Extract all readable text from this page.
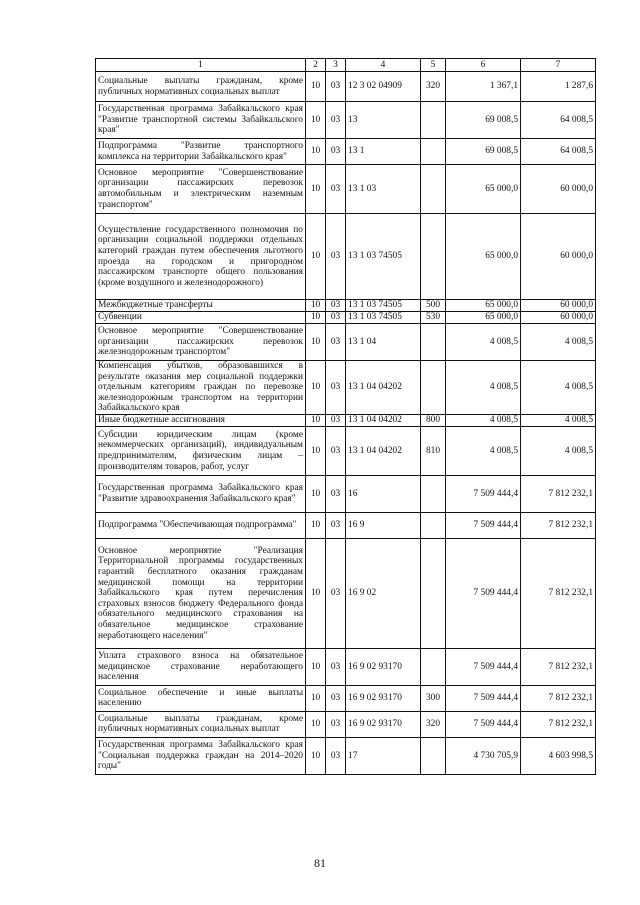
1	2	3	4	5	6	7
Социальные выплаты гражданам, кроме публичных нормативных социальных выплат	10	03	12 3 02 04909	320	1 367,1	1 287,6
Государственная программа Забайкальского края "Развитие транспортной системы Забайкальского края"	10	03	13		69 008,5	64 008,5
Подпрограмма "Развитие транспортного комплекса на территории Забайкальского края"	10	03	13 1		69 008,5	64 008,5
Основное мероприятие "Совершенствование организации пассажирских перевозок автомобильным и электрическим наземным транспортом"	10	03	13 1 03		65 000,0	60 000,0
Осуществление государственного полномочия по организации социальной поддержки отдельных категорий граждан путем обеспечения льготного проезда на городском и пригородном пассажирском транспорте общего пользования (кроме воздушного и железнодорожного)	10	03	13 1 03 74505		65 000,0	60 000,0
Межбюджетные трансферты	10	03	13 1 03 74505	500	65 000,0	60 000,0
Субвенции	10	03	13 1 03 74505	530	65 000,0	60 000,0
Основное мероприятие "Совершенствование организации пассажирских перевозок железнодорожным транспортом"	10	03	13 1 04		4 008,5	4 008,5
Компенсация убытков, образовавшихся в результате оказания мер социальной поддержки отдельным категориям граждан по перевозке железнодорожным транспортом на территории Забайкальского края	10	03	13 1 04 04202		4 008,5	4 008,5
Иные бюджетные ассигнования	10	03	13 1 04 04202	800	4 008,5	4 008,5
Субсидии юридическим лицам (кроме некоммерческих организаций), индивидуальным предпринимателям, физическим лицам – производителям товаров, работ, услуг	10	03	13 1 04 04202	810	4 008,5	4 008,5
Государственная программа Забайкальского края "Развитие здравоохранения Забайкальского края"	10	03	16		7 509 444,4	7 812 232,1
Подпрограмма "Обеспечивающая подпрограмма"	10	03	16 9		7 509 444,4	7 812 232,1
Основное мероприятие "Реализация Территориальной программы государственных гарантий бесплатного оказания гражданам медицинской помощи на территории Забайкальского края путем перечисления страховых взносов бюджету Федерального фонда обязательного медицинского страхования на обязательное медицинское страхование неработающего населения"	10	03	16 9 02		7 509 444,4	7 812 232,1
Уплата страхового взноса на обязательное медицинское страхование неработающего населения	10	03	16 9 02 93170		7 509 444,4	7 812 232,1
Социальное обеспечение и иные выплаты населению	10	03	16 9 02 93170	300	7 509 444,4	7 812 232,1
Социальные выплаты гражданам, кроме публичных нормативных социальных выплат	10	03	16 9 02 93170	320	7 509 444,4	7 812 232,1
Государственная программа Забайкальского края "Социальная поддержка граждан на 2014–2020 годы"	10	03	17		4 730 705,9	4 603 998,5
81
